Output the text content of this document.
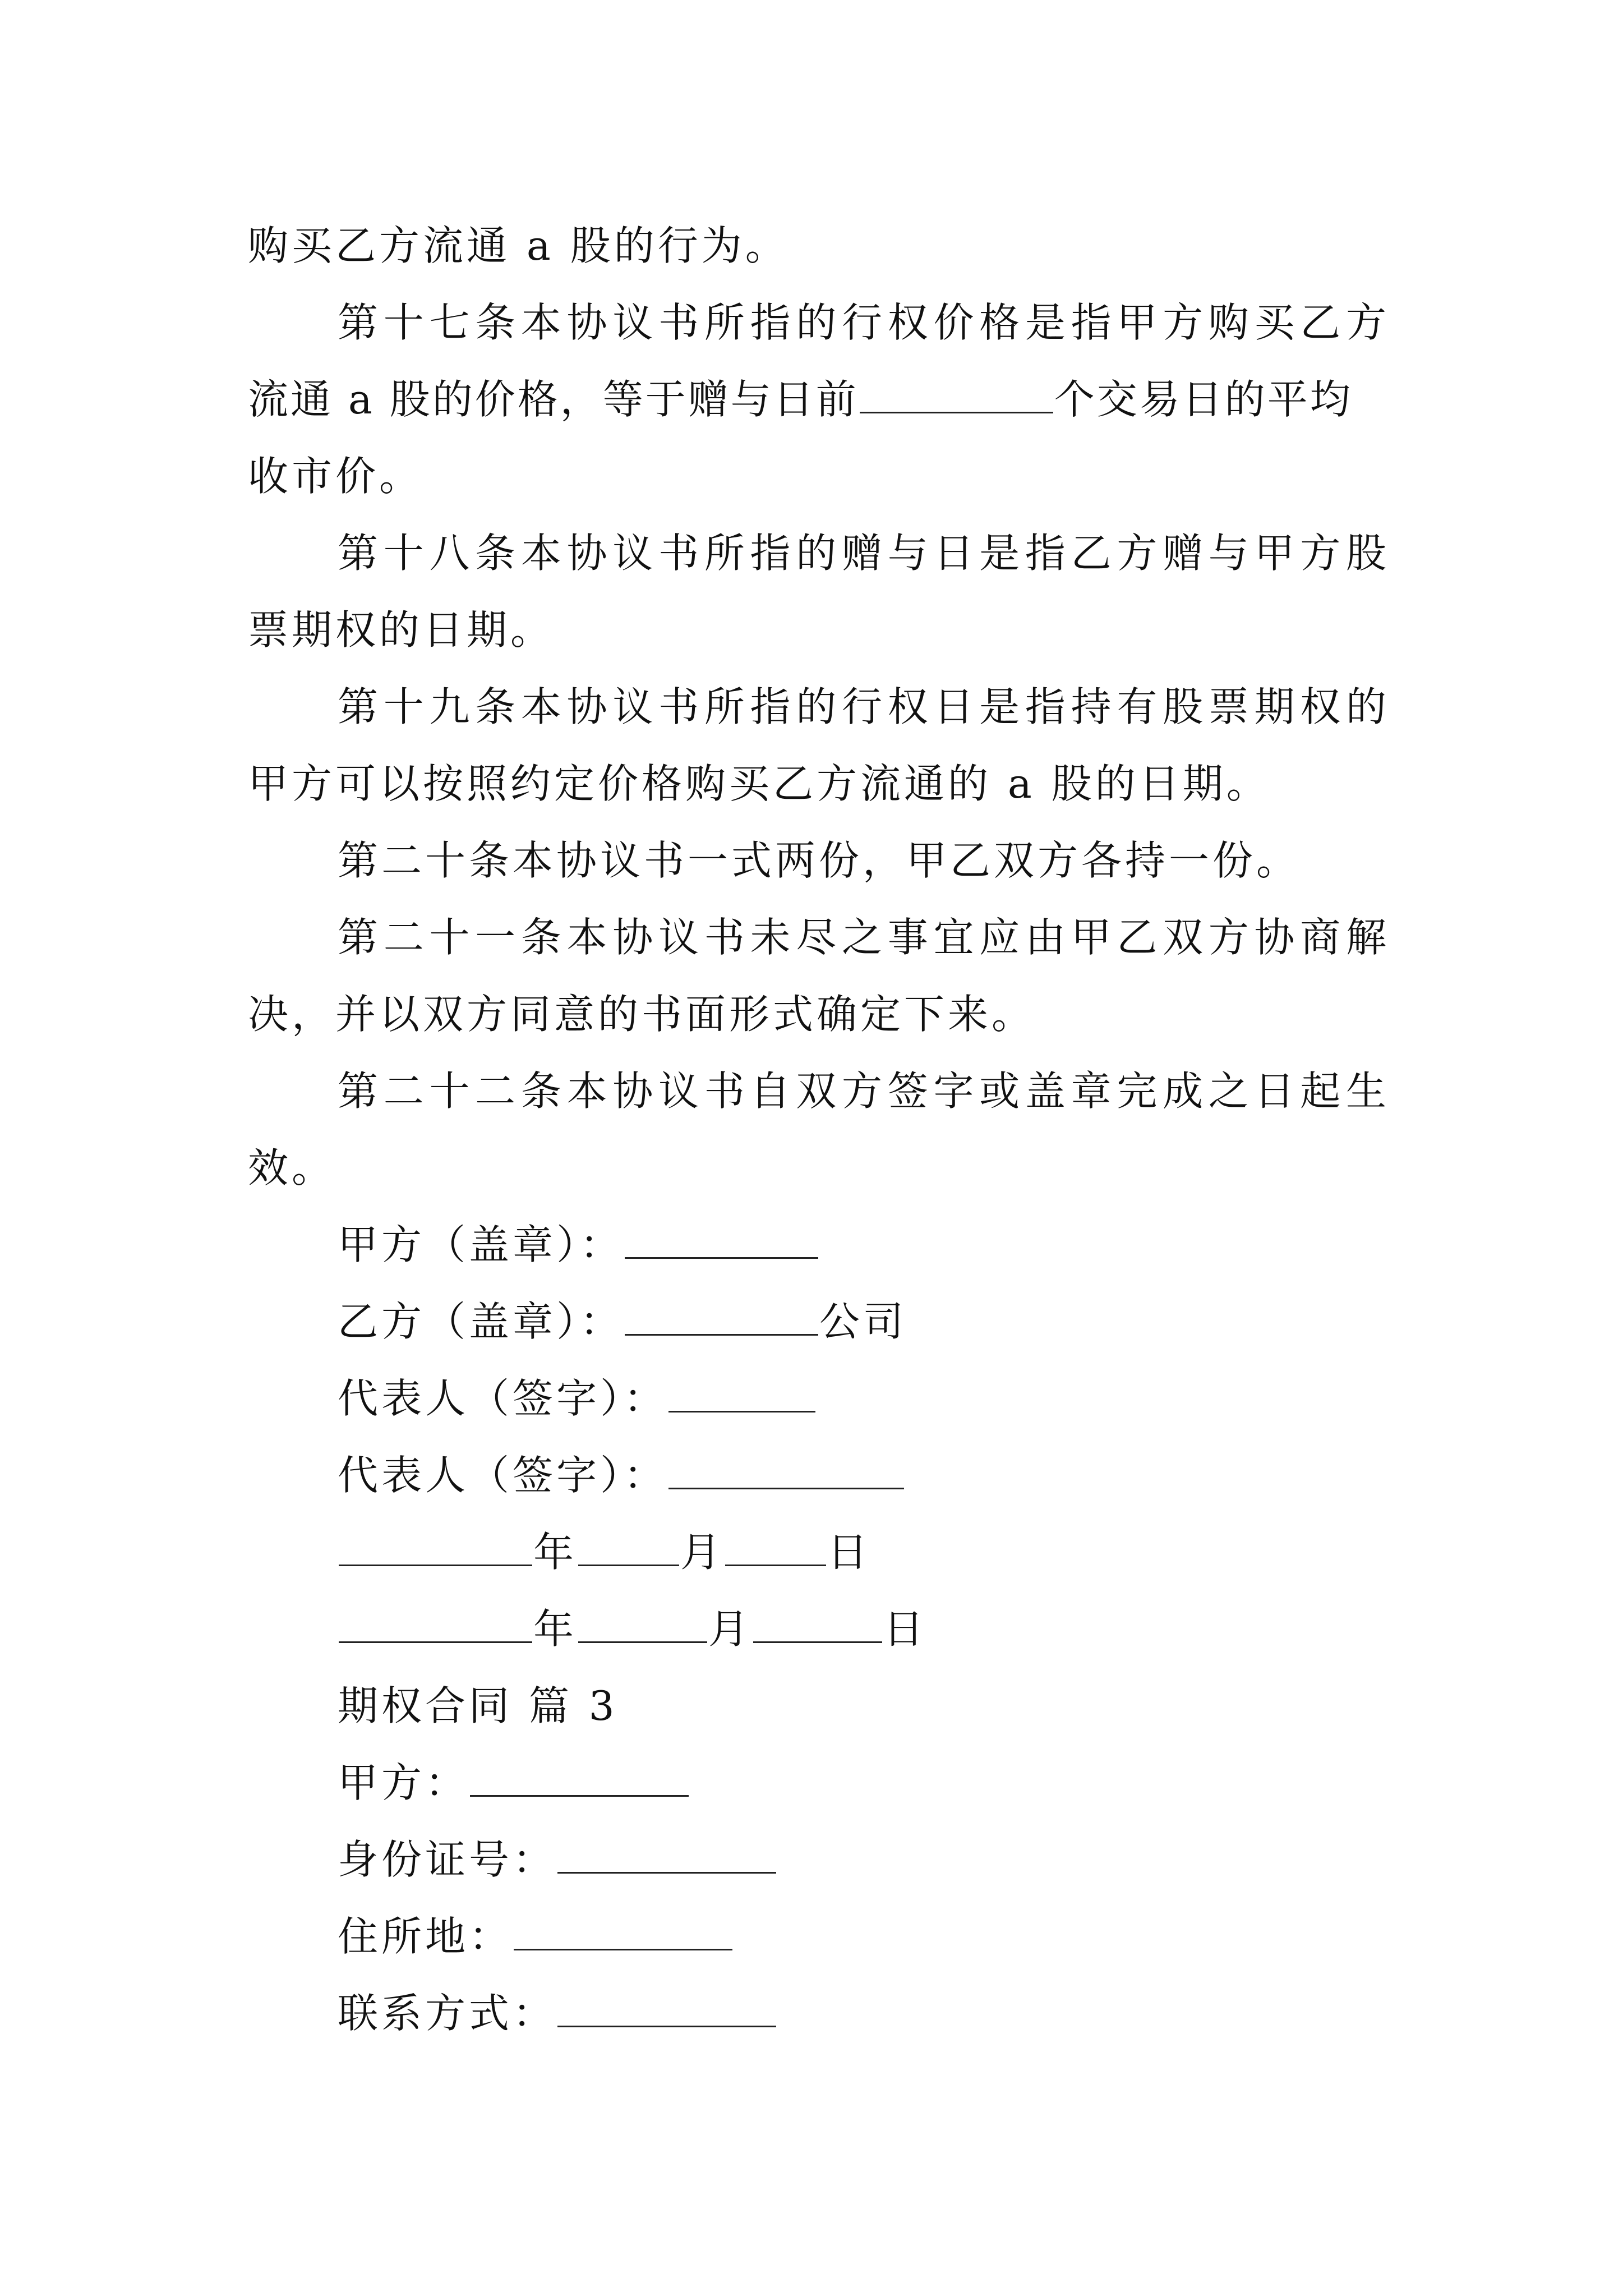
购买乙方流通 a 股的行为。
第十七条本协议书所指的行权价格是指甲方购买乙方
流通 a 股的价格，等于赠与日前	个交易日的平均
收市价。
第十八条本协议书所指的赠与日是指乙方赠与甲方股
票期权的日期。
第十九条本协议书所指的行权日是指持有股票期权的
甲方可以按照约定价格购买乙方流通的 a 股的日期。
第二十条本协议书一式两份，甲乙双方各持一份。
第二十一条本协议书未尽之事宜应由甲乙双方协商解
决，并以双方同意的书面形式确定下来。
第二十二条本协议书自双方签字或盖章完成之日起生
效。
甲方（盖章）：
乙方（盖章）：	公司
代表人（签字）：
代表人（签字）：
年	月	日
年	月	日
期权合同 篇 3
甲方：
身份证号：
住所地：
联系方式：
